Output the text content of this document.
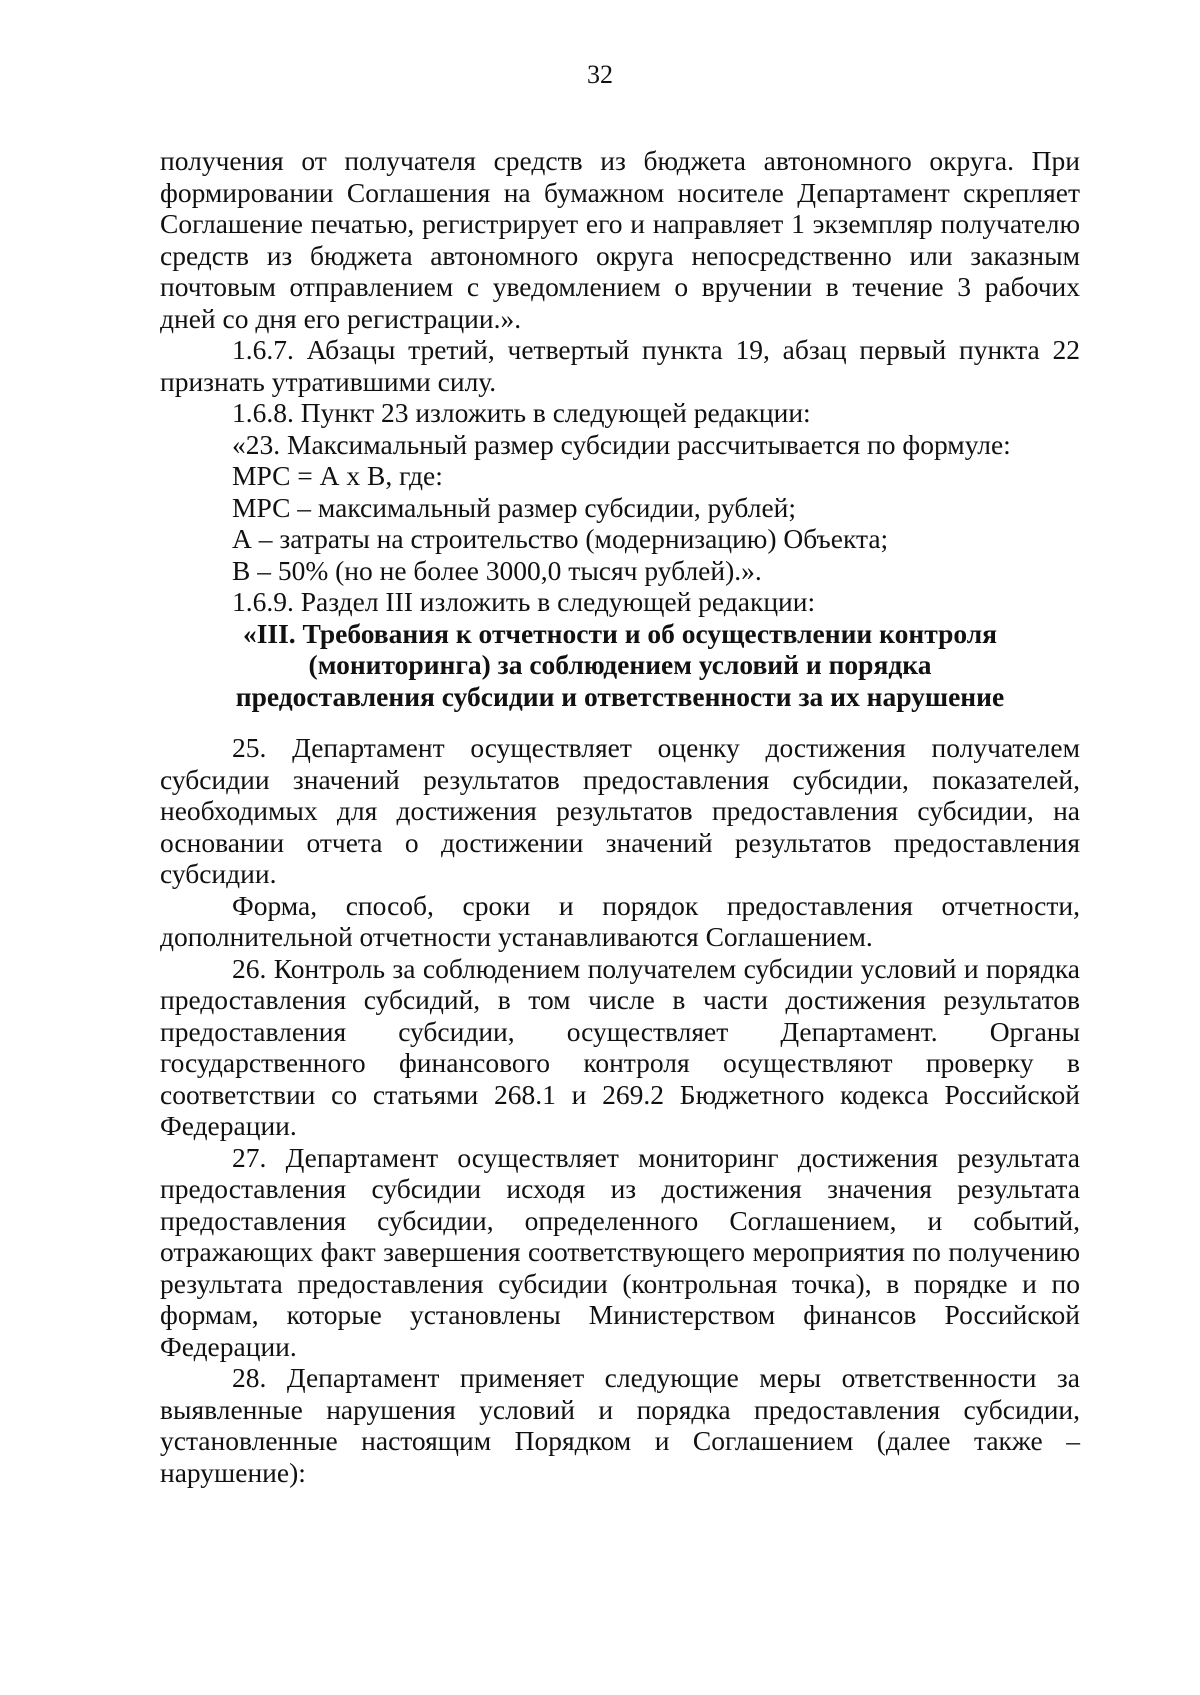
32

получения от получателя средств из бюджета автономного округа. При формировании Соглашения на бумажном носителе Департамент скрепляет Соглашение печатью, регистрирует его и направляет 1 экземпляр получателю средств из бюджета автономного округа непосредственно или заказным почтовым отправлением с уведомлением о вручении в течение 3 рабочих дней со дня его регистрации.».

1.6.7. Абзацы третий, четвертый пункта 19, абзац первый пункта 22 признать утратившими силу.

1.6.8. Пункт 23 изложить в следующей редакции:

«23. Максимальный размер субсидии рассчитывается по формуле:

МРС = А x В, где:

МРС – максимальный размер субсидии, рублей;

А – затраты на строительство (модернизацию) Объекта;

В – 50% (но не более 3000,0 тысяч рублей).».

1.6.9. Раздел III изложить в следующей редакции:

«III. Требования к отчетности и об осуществлении контроля
(мониторинга) за соблюдением условий и порядка
предоставления субсидии и ответственности за их нарушение

25. Департамент осуществляет оценку достижения получателем субсидии значений результатов предоставления субсидии, показателей, необходимых для достижения результатов предоставления субсидии, на основании отчета о достижении значений результатов предоставления субсидии.

Форма, способ, сроки и порядок предоставления отчетности, дополнительной отчетности устанавливаются Соглашением.

26. Контроль за соблюдением получателем субсидии условий и порядка предоставления субсидий, в том числе в части достижения результатов предоставления субсидии, осуществляет Департамент. Органы государственного финансового контроля осуществляют проверку в соответствии со статьями 268.1 и 269.2 Бюджетного кодекса Российской Федерации.

27. Департамент осуществляет мониторинг достижения результата предоставления субсидии исходя из достижения значения результата предоставления субсидии, определенного Соглашением, и событий, отражающих факт завершения соответствующего мероприятия по получению результата предоставления субсидии (контрольная точка), в порядке и по формам, которые установлены Министерством финансов Российской Федерации.

28. Департамент применяет следующие меры ответственности за выявленные нарушения условий и порядка предоставления субсидии, установленные настоящим Порядком и Соглашением (далее также – нарушение):
